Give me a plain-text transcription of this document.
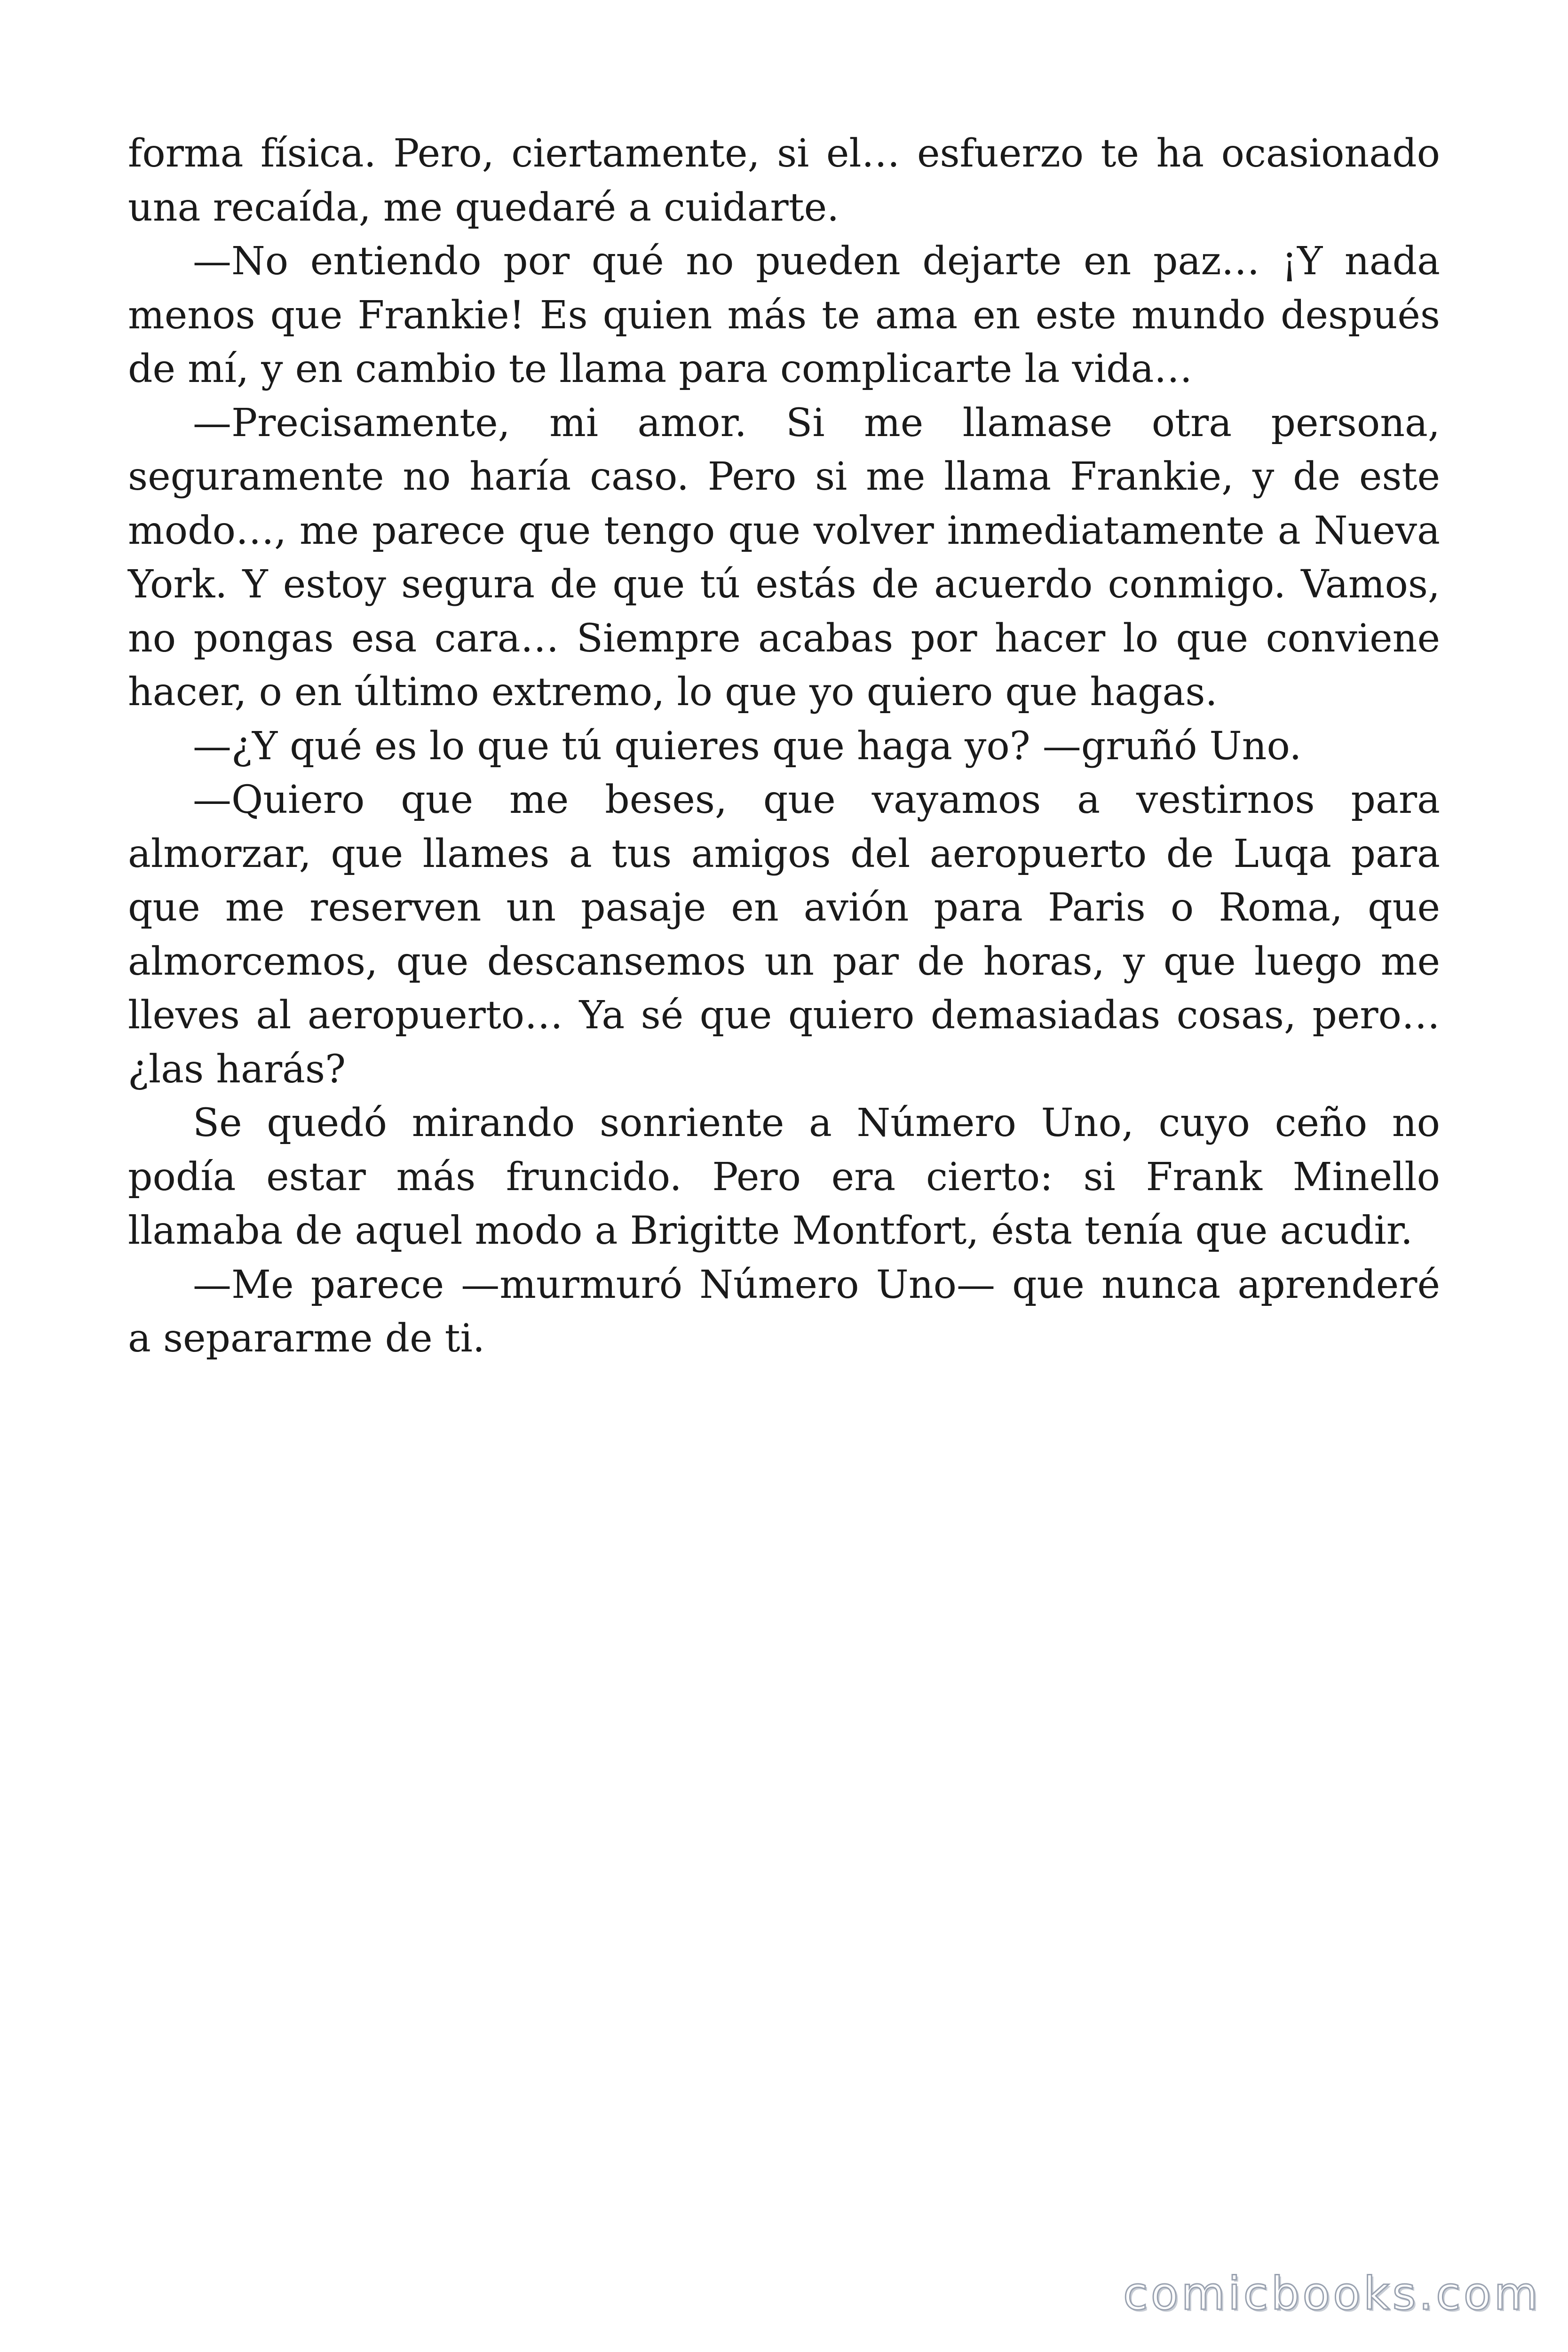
forma física. Pero, ciertamente, si el… esfuerzo te ha ocasionado una recaída, me quedaré a cuidarte.

—No entiendo por qué no pueden dejarte en paz… ¡Y nada menos que Frankie! Es quien más te ama en este mundo después de mí, y en cambio te llama para complicarte la vida…

—Precisamente, mi amor. Si me llamase otra persona, seguramente no haría caso. Pero si me llama Frankie, y de este modo…, me parece que tengo que volver inmediatamente a Nueva York. Y estoy segura de que tú estás de acuerdo conmigo. Vamos, no pongas esa cara… Siempre acabas por hacer lo que conviene hacer, o en último extremo, lo que yo quiero que hagas.

—¿Y qué es lo que tú quieres que haga yo? —gruñó Uno.

—Quiero que me beses, que vayamos a vestirnos para almorzar, que llames a tus amigos del aeropuerto de Luqa para que me reserven un pasaje en avión para Paris o Roma, que almorcemos, que descansemos un par de horas, y que luego me lleves al aeropuerto… Ya sé que quiero demasiadas cosas, pero… ¿las harás?

Se quedó mirando sonriente a Número Uno, cuyo ceño no podía estar más fruncido. Pero era cierto: si Frank Minello llamaba de aquel modo a Brigitte Montfort, ésta tenía que acudir.

—Me parece —murmuró Número Uno— que nunca aprenderé a separarme de ti.

comicbooks.com
